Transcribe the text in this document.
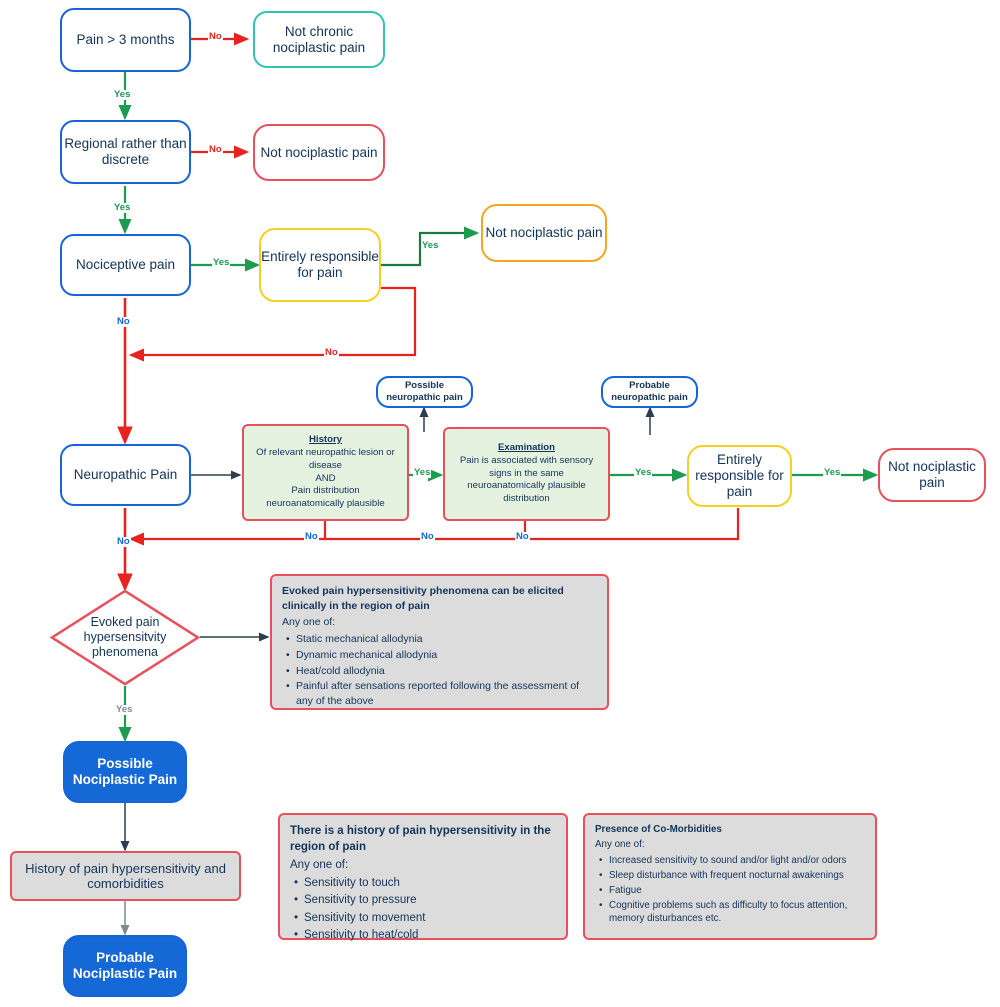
Pain > 3 months
Not chronic nociplastic pain
Regional rather than discrete	Not nociplastic pain
Nociceptive pain
Entirely responsible for pain
Not nociplastic pain
Neuropathic Pain
Possible neuropathic pain
Probable neuropathic pain
History
Of relevant neuropathic lesion or disease
AND
Pain distribution neuroanatomically plausible
Examination
Pain is associated with sensory signs in the same neuroanatomically plausible distribution
Entirely responsible for pain
Not nociplastic pain
Evoked pain hypersensitvity phenomena
Evoked pain hypersensitivity phenomena can be elicited clinically in the region of pain
Any one of:
• Static mechanical allodynia
• Dynamic mechanical allodynia
• Heat/cold allodynia
• Painful after sensations reported following the assessment of any of the above
Possible Nociplastic Pain
History of pain hypersensitivity and comorbidities
Probable Nociplastic Pain
There is a history of pain hypersensitivity in the region of pain
Any one of:
• Sensitivity to touch
• Sensitivity to pressure
• Sensitivity to movement
• Sensitivity to heat/cold
Presence of Co-Morbidities
Any one of:
• Increased sensitivity to sound and/or light and/or odors
• Sleep disturbance with frequent nocturnal awakenings
• Fatigue
• Cognitive problems such as difficulty to focus attention, memory disturbances etc.
No
Yes
No
Yes
Yes
Yes
No
No
Yes	Yes	Yes
No	No	No
No
Yes
